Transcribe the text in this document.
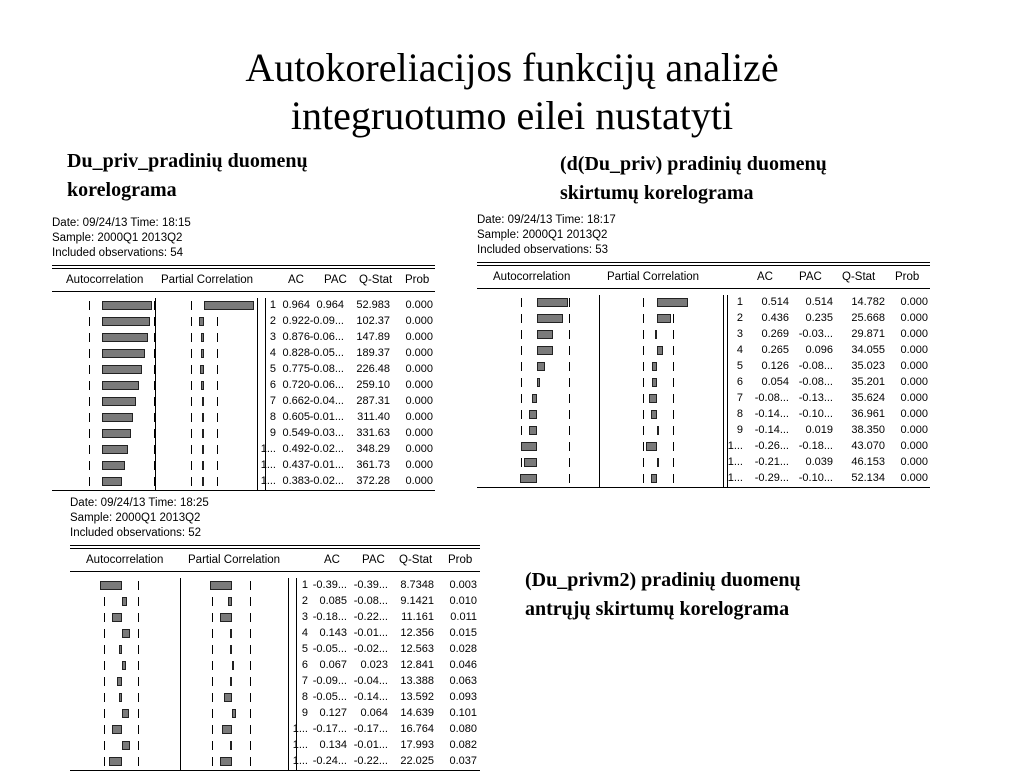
Autokoreliacijos funkcijų analizė
integruotumo eilei nustatyti
Du_priv_pradinių duomenų
korelograma
(d(Du_priv) pradinių duomenų
skirtumų korelograma
(Du_privm2) pradinių duomenų
antrųjų skirtumų korelograma
Date: 09/24/13 Time: 18:15
Sample: 2000Q1 2013Q2
Included observations: 54
Autocorrelation Partial Correlation	AC PAC Q-Stat Prob
1 0.964 0.964	52.983	0.000
2 0.922 -0.09...	102.37	0.000
3 0.876 -0.06...	147.89	0.000
4 0.828 -0.05...	189.37	0.000
5 0.775 -0.08...	226.48	0.000
6 0.720 -0.06...	259.10	0.000
7 0.662 -0.04...	287.31	0.000
8 0.605 -0.01...	311.40	0.000
9 0.549 -0.03...	331.63	0.000
1... 0.492 -0.02...	348.29	0.000
1... 0.437 -0.01...	361.73	0.000
1... 0.383 -0.02...	372.28	0.000
Date: 09/24/13 Time: 18:17
Sample: 2000Q1 2013Q2
Included observations: 53
Autocorrelation	Partial Correlation	AC PAC Q-Stat Prob
1	0.514	0.514	14.782	0.000
2	0.436	0.235	25.668	0.000
3	0.269 -0.03...	29.871	0.000
4	0.265	0.096	34.055	0.000
5	0.126 -0.08...	35.023	0.000
6	0.054 -0.08...	35.201	0.000
7	-0.08... -0.13...	35.624	0.000
8	-0.14... -0.10...	36.961	0.000
9	-0.14...	0.019	38.350	0.000
1...	-0.26... -0.18...	43.070	0.000
1...	-0.21...	0.039	46.153	0.000
1...	-0.29... -0.10...	52.134	0.000
Date: 09/24/13 Time: 18:25
Sample: 2000Q1 2013Q2
Included observations: 52
Autocorrelation Partial Correlation	AC PAC Q-Stat Prob
1 -0.39... -0.39...	8.7348	0.003
2	0.085 -0.08...	9.1421	0.010
3 -0.18... -0.22...	11.161	0.011
4	0.143 -0.01...	12.356	0.015
5 -0.05... -0.02...	12.563	0.028
6	0.067	0.023	12.841	0.046
7 -0.09... -0.04...	13.388	0.063
8 -0.05... -0.14...	13.592	0.093
9	0.127	0.064	14.639	0.101
1... -0.17... -0.17...	16.764	0.080
1...	0.134 -0.01...	17.993	0.082
1... -0.24... -0.22...	22.025	0.037
